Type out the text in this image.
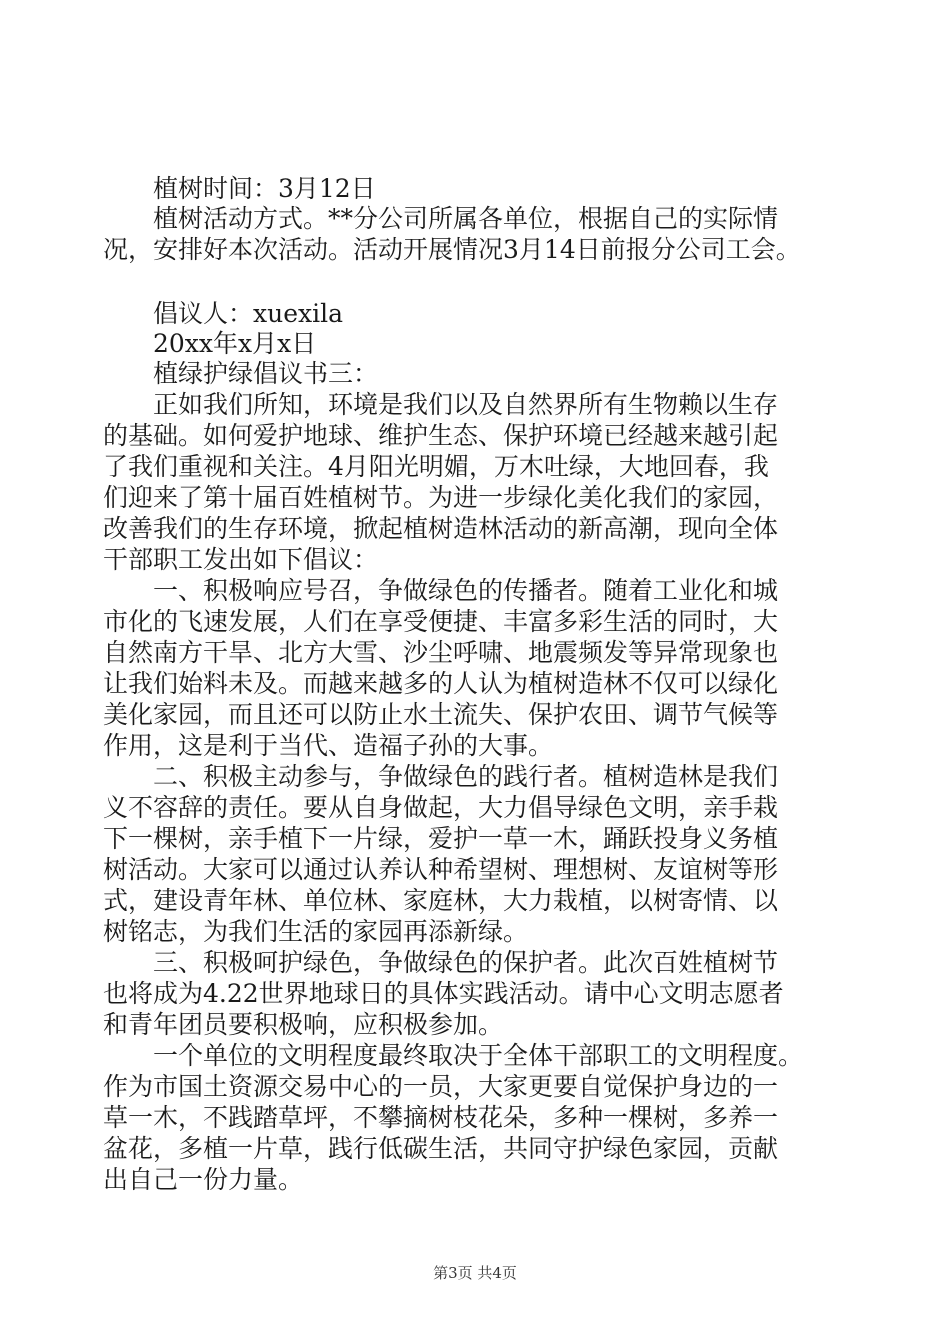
　　植树时间：3月12日
　　植树活动方式。**分公司所属各单位，根据自己的实际情
况，安排好本次活动。活动开展情况3月14日前报分公司工会。
　　倡议人：xuexila
　　20xx年x月x日
　　植绿护绿倡议书三：
　　正如我们所知，环境是我们以及自然界所有生物赖以生存
的基础。如何爱护地球、维护生态、保护环境已经越来越引起
了我们重视和关注。4月阳光明媚，万木吐绿，大地回春，我
们迎来了第十届百姓植树节。为进一步绿化美化我们的家园，
改善我们的生存环境，掀起植树造林活动的新高潮，现向全体
干部职工发出如下倡议：
　　一、积极响应号召，争做绿色的传播者。随着工业化和城
市化的飞速发展，人们在享受便捷、丰富多彩生活的同时，大
自然南方干旱、北方大雪、沙尘呼啸、地震频发等异常现象也
让我们始料未及。而越来越多的人认为植树造林不仅可以绿化
美化家园，而且还可以防止水土流失、保护农田、调节气候等
作用，这是利于当代、造福子孙的大事。
　　二、积极主动参与，争做绿色的践行者。植树造林是我们
义不容辞的责任。要从自身做起，大力倡导绿色文明，亲手栽
下一棵树，亲手植下一片绿，爱护一草一木，踊跃投身义务植
树活动。大家可以通过认养认种希望树、理想树、友谊树等形
式，建设青年林、单位林、家庭林，大力栽植，以树寄情、以
树铭志，为我们生活的家园再添新绿。
　　三、积极呵护绿色，争做绿色的保护者。此次百姓植树节
也将成为4.22世界地球日的具体实践活动。请中心文明志愿者
和青年团员要积极响，应积极参加。
　　一个单位的文明程度最终取决于全体干部职工的文明程度。
作为市国土资源交易中心的一员，大家更要自觉保护身边的一
草一木，不践踏草坪，不攀摘树枝花朵，多种一棵树，多养一
盆花，多植一片草，践行低碳生活，共同守护绿色家园，贡献
出自己一份力量。
第3页 共4页
